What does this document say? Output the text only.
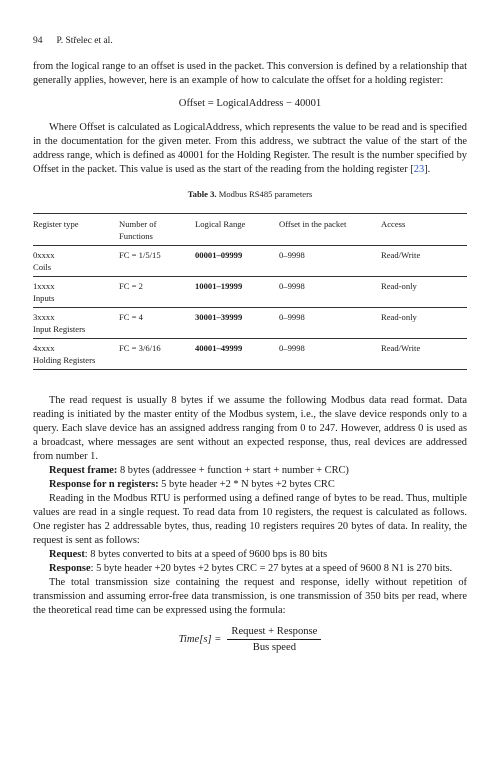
94 P. Střelec et al.

from the logical range to an offset is used in the packet. This conversion is defined by a relationship that generally applies, however, here is an example of how to calculate the offset for a holding register:

Offset = LogicalAddress − 40001

Where Offset is calculated as LogicalAddress, which represents the value to be read and is specified in the documentation for the given meter. From this address, we subtract the value of the start of the address range, which is defined as 40001 for the Holding Register. The result is the number specified by Offset in the packet. This value is used as the start of the reading from the holding register [23].

Table 3. Modbus RS485 parameters
Register type	Number of Functions	Logical Range	Offset in the packet	Access

0xxxx
Coils	FC = 1/5/15	00001–09999	0–9998	Read/Write

1xxxx
Inputs	FC = 2	10001–19999	0–9998	Read-only

3xxxx
Input Registers	FC = 4	30001–39999	0–9998	Read-only

4xxxx
Holding Registers	FC = 3/6/16	40001–49999	0–9998	Read/Write

The read request is usually 8 bytes if we assume the following Modbus data read format. Data reading is initiated by the master entity of the Modbus system, i.e., the slave device responds only to a query. Each slave device has an assigned address ranging from 0 to 247. However, address 0 is used as a broadcast, where messages are sent without an expected response, thus, real devices are addressed from number 1.

Request frame: 8 bytes (addressee + function + start + number + CRC)

Response for n registers: 5 byte header +2 * N bytes +2 bytes CRC

Reading in the Modbus RTU is performed using a defined range of bytes to be read. Thus, multiple values are read in a single request. To read data from 10 registers, the request is calculated as follows. One register has 2 addressable bytes, thus, reading 10 registers requires 20 bytes of data. In reality, the request is sent as follows:

Request: 8 bytes converted to bits at a speed of 9600 bps is 80 bits

Response: 5 byte header +20 bytes +2 bytes CRC = 27 bytes at a speed of 9600 8 N1 is 270 bits.

The total transmission size containing the request and response, idelly without repetition of transmission and assuming error-free data transmission, is one transmission of 350 bits per read, where the theoretical read time can be expressed using the formula:

Time[s] = $\frac{\text{Request + Response}}{\text{Bus speed}}$
